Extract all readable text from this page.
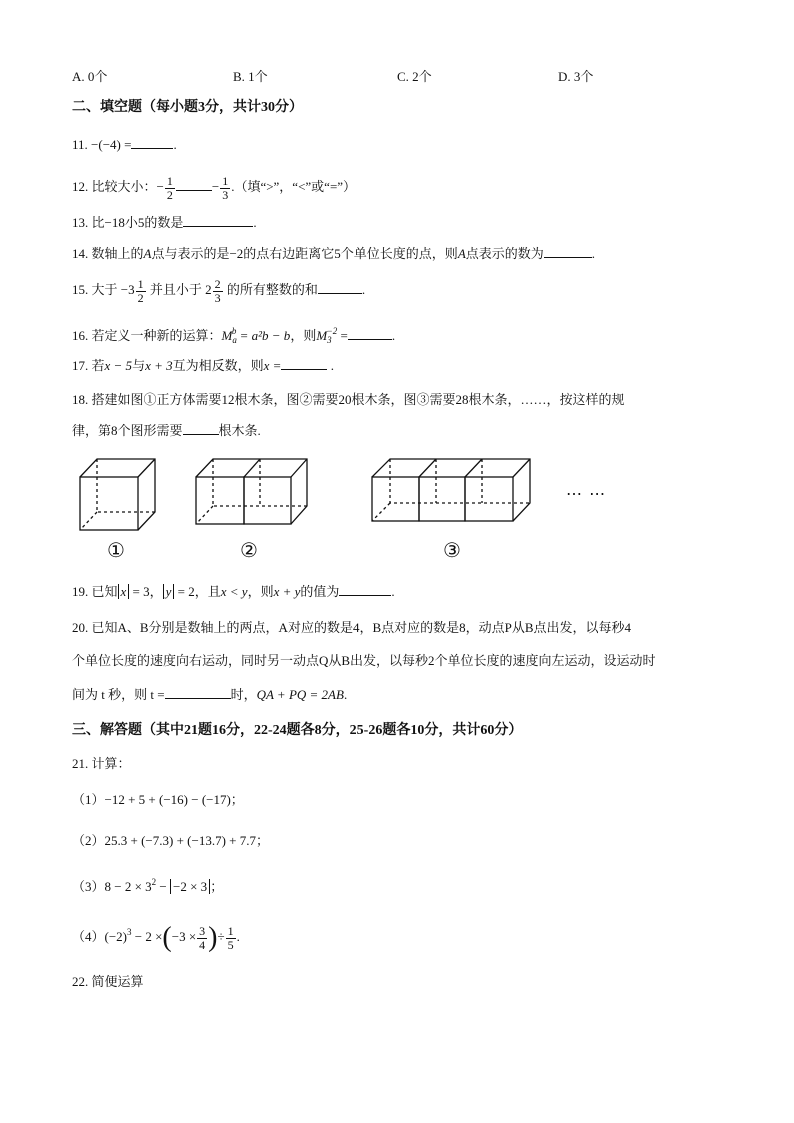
A. 0个	B. 1个	C. 2个	D. 3个
二、填空题（每小题3分，共计30分）
11. −(−4) =	.
12. 比较大小：− $\frac{1}{2}$	− $\frac{1}{3}$ .（填“>”，“<”或“=”）
13. 比−18小5的数是	.
14. 数轴上的A点与表示的是−2的点右边距离它5个单位长度的点，则A点表示的数为	.
15. 大于 $-3 \frac{1}{2}$ 并且小于 $2 \frac{2}{3}$ 的所有整数的和	.
16. 若定义一种新的运算：$M_a^b = a^2b - b$，则$M_3^{-2}$ =	.
17. 若x − 5与x + 3互为相反数，则x =	.
18. 搭建如图①正方体需要12根木条，图②需要20根木条，图③需要28根木条，……，按这样的规
律，第8个图形需要	根木条.
… …
①	②	③
19. 已知 x = 3， y = 2，且x < y，则x + y的值为	.
20. 已知A、B分别是数轴上的两点，A对应的数是4，B点对应的数是8，动点P从B点出发，以每秒4
个单位长度的速度向右运动，同时另一动点Q从B出发，以每秒2个单位长度的速度向左运动，设运动时
间为 t 秒，则 t =	时，QA + PQ = 2AB.
三、解答题（其中21题16分，22-24题各8分，25-26题各10分，共计60分）
21. 计算：
（1）−12 + 5 + (−16) − (−17)；
（2）25.3 + (−7.3) + (−13.7) + 7.7；
$(3)8 - 2 \times 3^2 - -2 \times 3$ ；
$(4)(-2)^3 - 2 \times(-3 \times \frac{3}{4}$ )÷ $\frac{1}{5}$ .
22. 简便运算
